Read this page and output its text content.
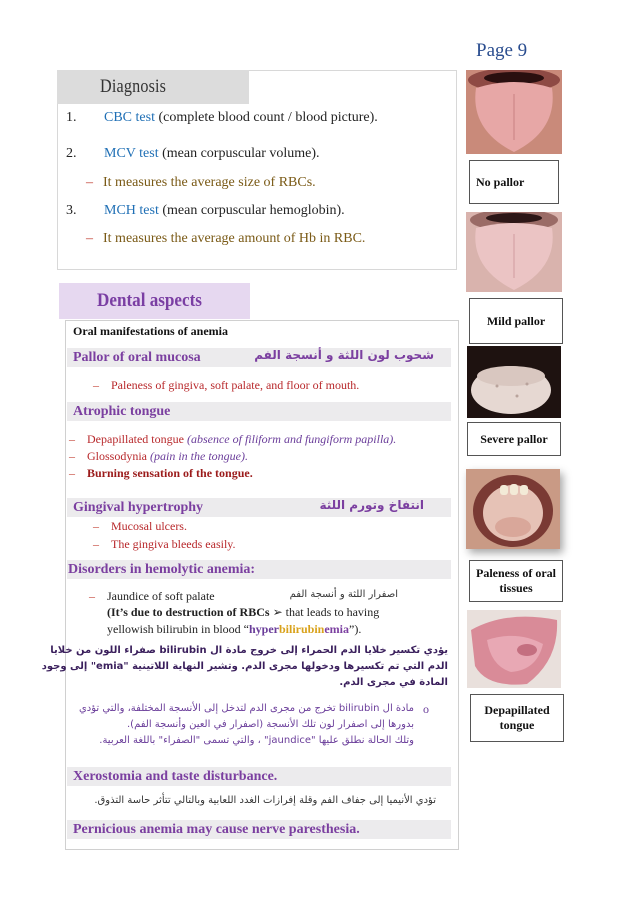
Page 9
Diagnosis
1. CBC test (complete blood count / blood picture).
2. MCV test (mean corpuscular volume).
– It measures the average size of RBCs.
3. MCH test (mean corpuscular hemoglobin).
– It measures the average amount of Hb in RBC.
Dental aspects
Oral manifestations of anemia
Pallor of oral mucosa	شحوب لون اللثة و أنسجة الفم
– Paleness of gingiva, soft palate, and floor of mouth.
Atrophic tongue
– Depapillated tongue (absence of filiform and fungiform papilla).
– Glossodynia (pain in the tongue).
– Burning sensation of the tongue.
Gingival hypertrophy	انتفاخ وتورم اللثة
– Mucosal ulcers.
– The gingiva bleeds easily.
Disorders in hemolytic anemia:
– Jaundice of soft palate	اصفرار اللثة و أنسجة الفم
(It’s due to destruction of RBCs ➢ that leads to having
yellowish bilirubin in blood “hyperbilirubinemia”).
يؤدي تكسير خلايا الدم الحمراء إلى خروج مادة ال bilirubin صفراء اللون من خلايا
الدم التي تم تكسيرها ودخولها مجرى الدم. وتشير النهاية اللاتينية "emia" إلى وجود
المادة في مجرى الدم.
o
مادة ال bilirubin تخرج من مجرى الدم لتدخل إلى الأنسجة المختلفة، والتي تؤدي
بدورها إلى اصفرار لون تلك الأنسجة (اصفرار في العين وأنسجة الفم).
وتلك الحالة نطلق عليها "jaundice" ، والتي تسمى "الصفراء" باللغة العربية.
Xerostomia and taste disturbance.
تؤدي الأنيميا إلى جفاف الفم وقلة إفرازات الغدد اللعابية وبالتالي تتأثر حاسة التذوق.
Pernicious anemia may cause nerve paresthesia.
No pallor
Mild pallor
Severe pallor
Paleness of oral tissues
Depapillated tongue
